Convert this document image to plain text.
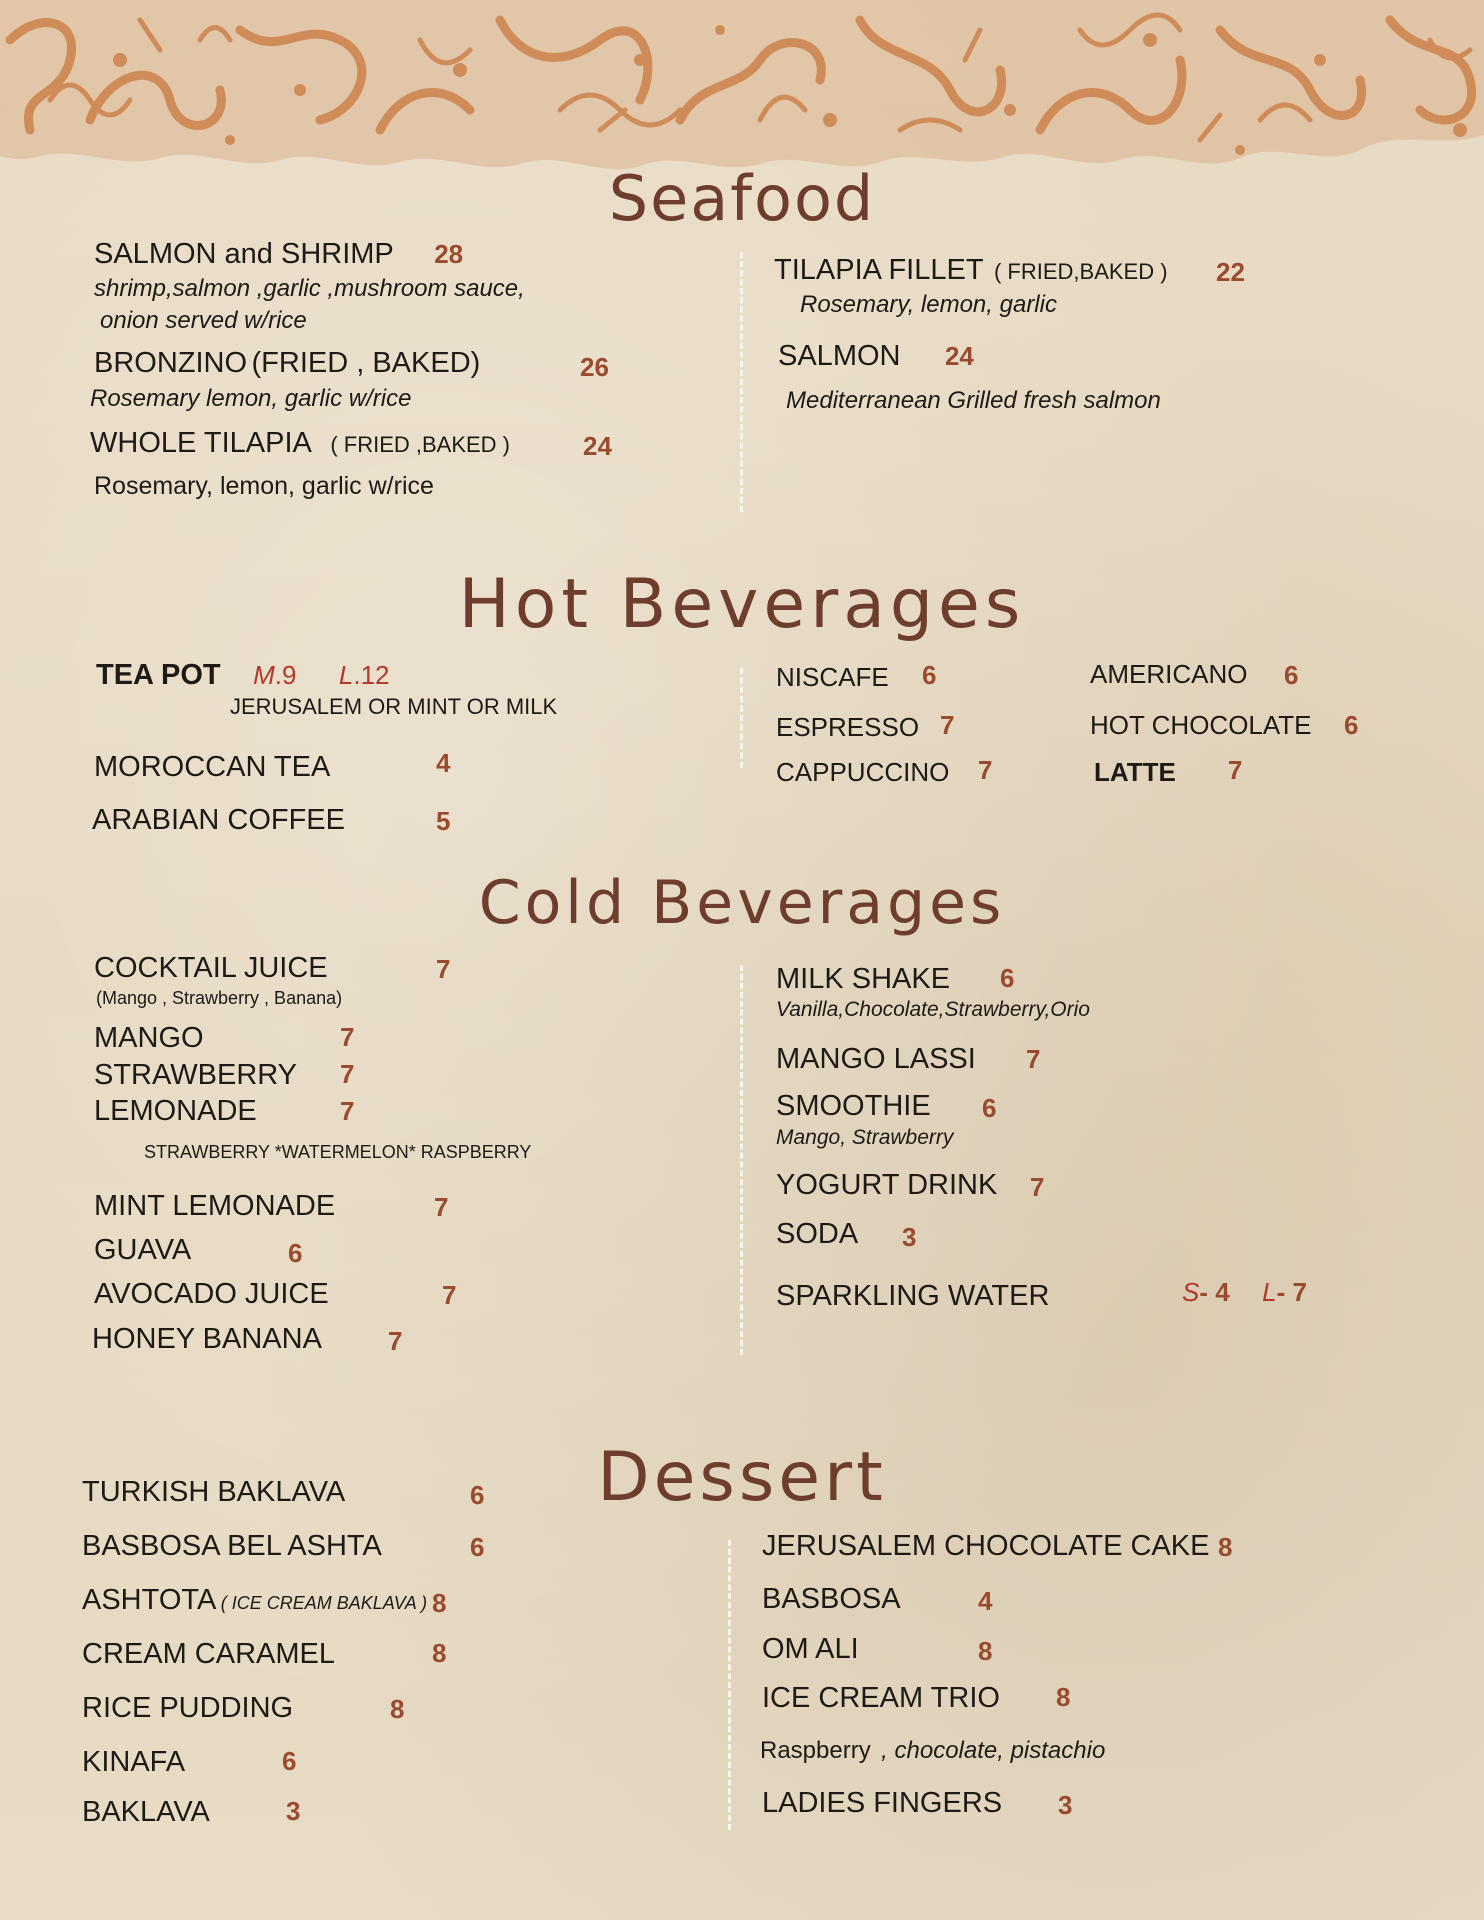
Seafood
SALMON and SHRIMP 28
shrimp,salmon ,garlic ,mushroom sauce,
onion served w/rice
BRONZINO (FRIED , BAKED)	26
Rosemary lemon, garlic w/rice
WHOLE TILAPIA ( FRIED ,BAKED )	24
Rosemary, lemon, garlic w/rice
TILAPIA FILLET ( FRIED,BAKED ) 22
Rosemary, lemon, garlic
SALMON 24
Mediterranean Grilled fresh salmon
Hot Beverages
TEA POT M.9 L.12
JERUSALEM OR MINT OR MILK
MOROCCAN TEA	4
ARABIAN COFFEE	5
NISCAFE 6
ESPRESSO 7
CAPPUCCINO 7
AMERICANO 6
HOT CHOCOLATE 6
LATTE 7
Cold Beverages
COCKTAIL JUICE	7
(Mango , Strawberry , Banana)
MANGO	7
STRAWBERRY 7
LEMONADE	7
STRAWBERRY *WATERMELON* RASPBERRY
MINT LEMONADE	7
GUAVA	6
AVOCADO JUICE	7
HONEY BANANA	7
MILK SHAKE 6
Vanilla,Chocolate,Strawberry,Orio
MANGO LASSI 7
SMOOTHIE 6
Mango, Strawberry
YOGURT DRINK 7
SODA 3
SPARKLING WATER	S- 4 L- 7
Dessert
TURKISH BAKLAVA	6
BASBOSA BEL ASHTA	6
ASHTOTA ( ICE CREAM BAKLAVA ) 8
CREAM CARAMEL	8
RICE PUDDING	8
KINAFA	6
BAKLAVA	3
JERUSALEM CHOCOLATE CAKE 8
BASBOSA	4
OM ALI	8
ICE CREAM TRIO 8
Raspberry , chocolate, pistachio
LADIES FINGERS 3
